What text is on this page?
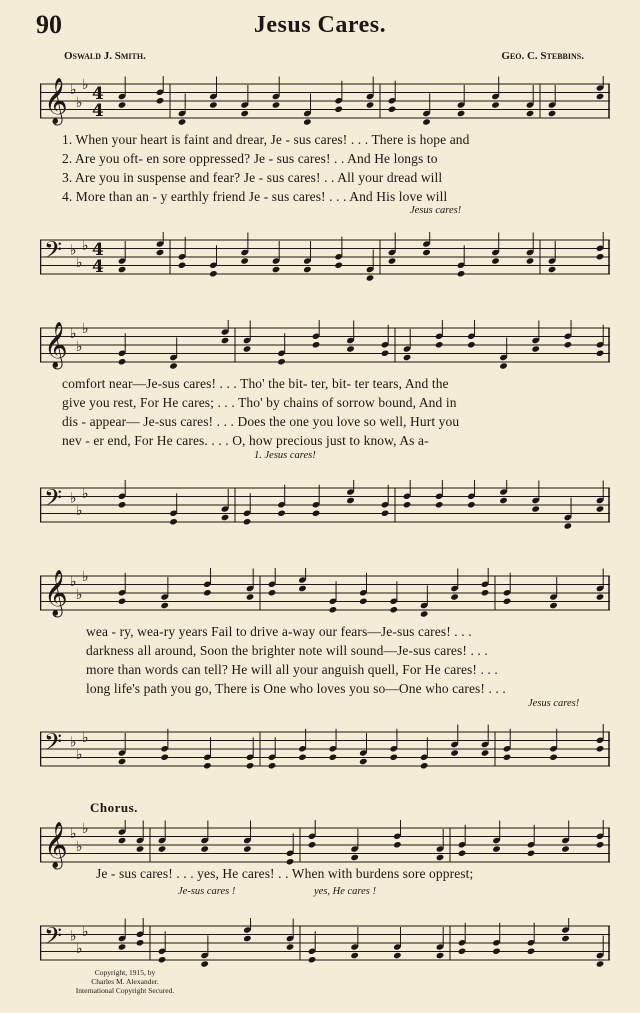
90	Jesus Cares.
Oswald J. Smith.	Geo. C. Stebbins.
𝄞 ♭
♭
♭ 4
4
1. When your heart is faint and drear, Je - sus cares! . . . There is hope and
2. Are you oft- en sore oppressed? Je - sus cares! . . And He longs to
3. Are you in suspense and fear? Je - sus cares! . . All your dread will
4. More than an - y earthly friend Je - sus cares! . . . And His love will
Jesus cares!
𝄢 ♭
♭
♭ 4
4
𝄞 ♭
♭
♭
comfort near—Je-sus cares! . . . Tho' the bit- ter, bit- ter tears, And the
give you rest, For He cares; . . . Tho' by chains of sorrow bound, And in
dis - appear— Je-sus cares! . . . Does the one you love so well, Hurt you
nev - er end, For He cares. . . . O, how precious just to know, As a-
1. Jesus cares!
𝄢 ♭
♭
♭
𝄞 ♭
♭
♭
wea - ry, wea-ry years Fail to drive a-way our fears—Je-sus cares! . . .
darkness all around, Soon the brighter note will sound—Je-sus cares! . . .
more than words can tell? He will all your anguish quell, For He cares! . . .
long life's path you go, There is One who loves you so—One who cares! . . .
Jesus cares!
𝄢 ♭
♭
♭
Chorus.
𝄞 ♭
♭
♭
Je - sus cares! . . . yes, He cares! . . When with burdens sore opprest;
Je-sus cares !	yes, He cares !
𝄢 ♭
♭
♭
Copyright, 1915, by
Charles M. Alexander.
International Copyright Secured.
